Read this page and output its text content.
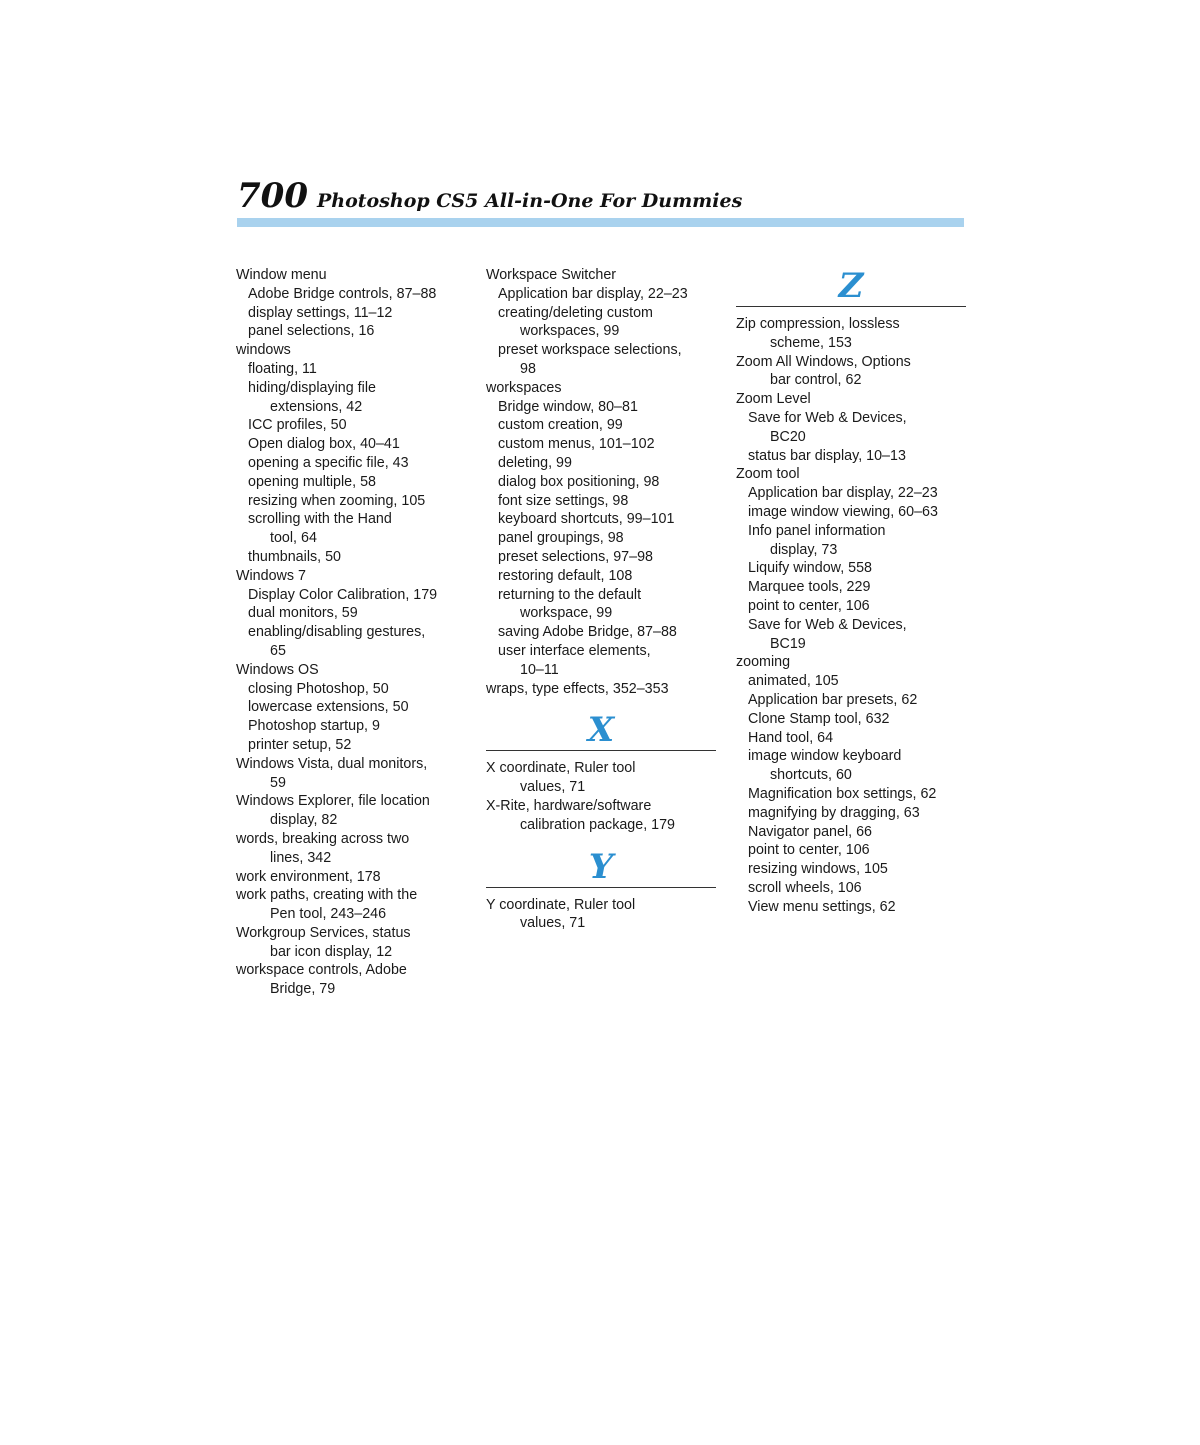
700 Photoshop CS5 All-in-One For Dummies
Window menu
Adobe Bridge controls, 87–88
display settings, 11–12
panel selections, 16
windows
floating, 11
hiding/displaying file
extensions, 42
ICC profiles, 50
Open dialog box, 40–41
opening a specific file, 43
opening multiple, 58
resizing when zooming, 105
scrolling with the Hand
tool, 64
thumbnails, 50
Windows 7
Display Color Calibration, 179
dual monitors, 59
enabling/disabling gestures,
65
Windows OS
closing Photoshop, 50
lowercase extensions, 50
Photoshop startup, 9
printer setup, 52
Windows Vista, dual monitors,
59
Windows Explorer, file location
display, 82
words, breaking across two
lines, 342
work environment, 178
work paths, creating with the
Pen tool, 243–246
Workgroup Services, status
bar icon display, 12
workspace controls, Adobe
Bridge, 79
Workspace Switcher
Application bar display, 22–23
creating/deleting custom
workspaces, 99
preset workspace selections,
98
workspaces
Bridge window, 80–81
custom creation, 99
custom menus, 101–102
deleting, 99
dialog box positioning, 98
font size settings, 98
keyboard shortcuts, 99–101
panel groupings, 98
preset selections, 97–98
restoring default, 108
returning to the default
workspace, 99
saving Adobe Bridge, 87–88
user interface elements,
10–11
wraps, type effects, 352–353
X
X coordinate, Ruler tool
values, 71
X-Rite, hardware/software
calibration package, 179
Y
Y coordinate, Ruler tool
values, 71
Z
Zip compression, lossless
scheme, 153
Zoom All Windows, Options
bar control, 62
Zoom Level
Save for Web & Devices,
BC20
status bar display, 10–13
Zoom tool
Application bar display, 22–23
image window viewing, 60–63
Info panel information
display, 73
Liquify window, 558
Marquee tools, 229
point to center, 106
Save for Web & Devices,
BC19
zooming
animated, 105
Application bar presets, 62
Clone Stamp tool, 632
Hand tool, 64
image window keyboard
shortcuts, 60
Magnification box settings, 62
magnifying by dragging, 63
Navigator panel, 66
point to center, 106
resizing windows, 105
scroll wheels, 106
View menu settings, 62
